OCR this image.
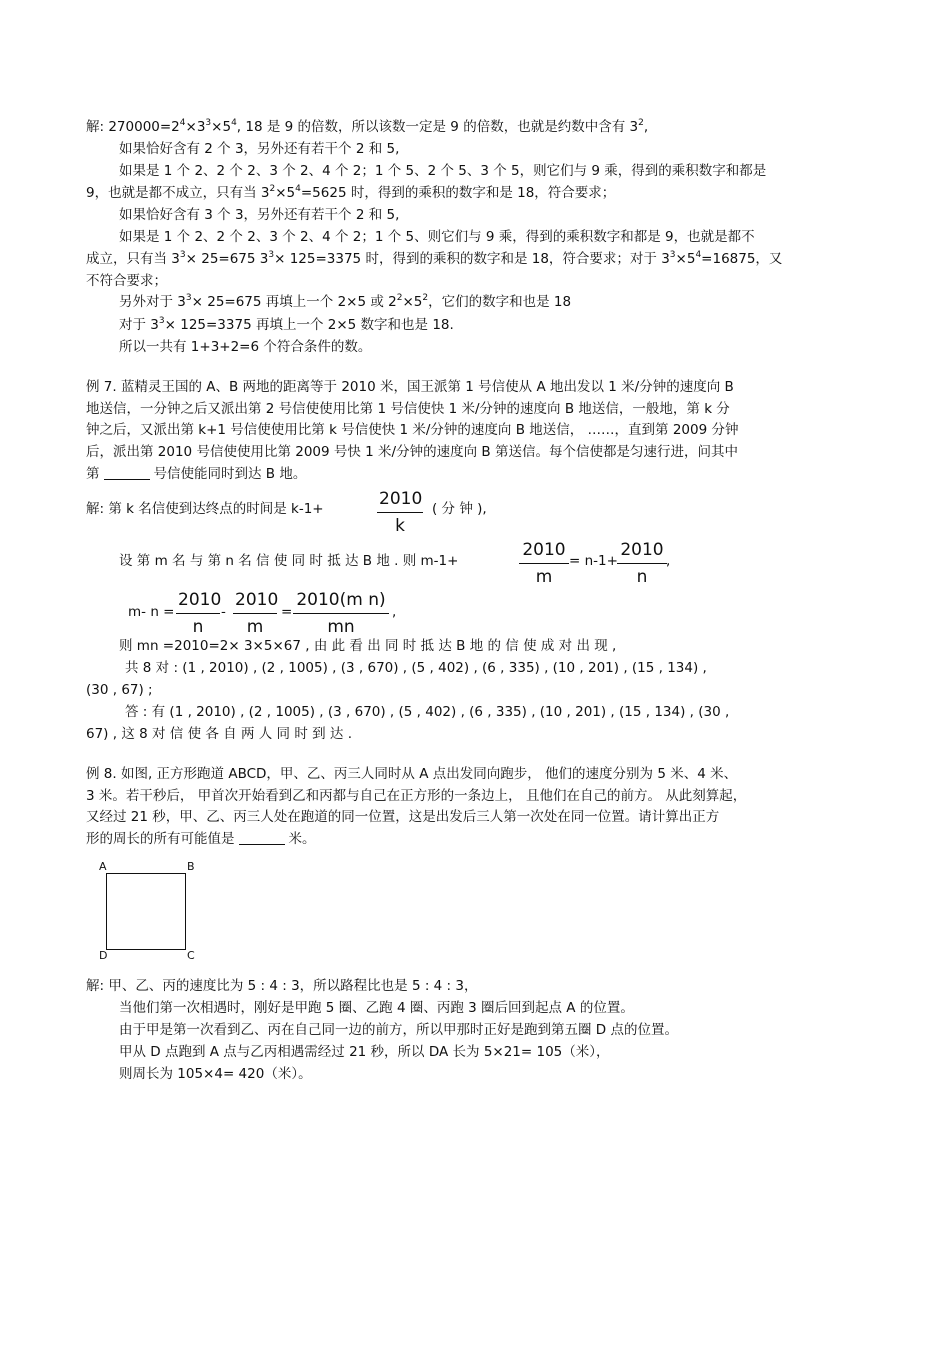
解: $270000=2^4\times 3^3\times 5^4$, 18 是 9 的倍数，所以该数一定是 9 的倍数，也就是约数中含有 $3^2$,
如果恰好含有 2 个 3，另外还有若干个 2 和 5,
如果是 1 个 2、2 个 2、3 个 2、4 个 2；1 个 5、2 个 5、3 个 5，则它们与 9 乘，得到的乘积数字和都是
9，也就是都不成立，只有当 $3^2\times 5^4=5625$ 时，得到的乘积的数字和是 18，符合要求；
如果恰好含有 3 个 3，另外还有若干个 2 和 5,
如果是 1 个 2、2 个 2、3 个 2、4 个 2；1 个 5、则它们与 9 乘，得到的乘积数字和都是 9，也就是都不
成立，只有当 $3^3\times 25=675$ $3^3\times 125=3375$ 时，得到的乘积的数字和是 18，符合要求；对于 $3^3\times 5^4=16875$，又
不符合要求；
另外对于 $3^3\times 25=675$ 再填上一个 2×5 或 $2^2\times 5^2$，它们的数字和也是 18
对于 $3^3\times 125=3375$ 再填上一个 2×5 数字和也是 18.
所以一共有 1+3+2=6 个符合条件的数。
例 7. 蓝精灵王国的 A、B 两地的距离等于 2010 米，国王派第 1 号信使从 A 地出发以 1 米/分钟的速度向 B
地送信，一分钟之后又派出第 2 号信使使用比第 1 号信使快 1 米/分钟的速度向 B 地送信，一般地，第 k 分
钟之后，又派出第 k+1 号信使使用比第 k 号信使快 1 米/分钟的速度向 B 地送信， ……，直到第 2009 分钟
后，派出第 2010 号信使使用比第 2009 号快 1 米/分钟的速度向 B 第送信。每个信使都是匀速行进，问其中
第	号信使能同时到达 B 地。
解: 第 k 名信使到达终点的时间是 k-1+	$\frac{2010}{k}$ ( 分 钟 ),
设 第 m 名 与 第 n 名 信 使 同 时 抵 达 B 地 . 则 m-1+	$\frac{2010}{m} = n-1+ \frac{2010}{n}$ ,
m- $n = \frac{2010}{n} - \frac{2010}{m} = \frac{\text{2010(m n)}}{mn}$ ,
则 mn =2010=2× 3×5×67 , 由 此 看 出 同 时 抵 达 B 地 的 信 使 成 对 出 现 ,
共 8 对 : (1 , 2010) , (2 , 1005) , (3 , 670) , (5 , 402) , (6 , 335) , (10 , 201) , (15 , 134) ,
(30 , 67) ;
答 : 有 (1 , 2010) , (2 , 1005) , (3 , 670) , (5 , 402) , (6 , 335) , (10 , 201) , (15 , 134) , (30 ,
67) , 这 8 对 信 使 各 自 两 人 同 时 到 达 .
例 8. 如图, 正方形跑道 ABCD，甲、乙、丙三人同时从 A 点出发同向跑步， 他们的速度分别为 5 米、4 米、
3 米。若干秒后， 甲首次开始看到乙和丙都与自己在正方形的一条边上， 且他们在自己的前方。 从此刻算起，
又经过 21 秒，甲、乙、丙三人处在跑道的同一位置，这是出发后三人第一次处在同一位置。请计算出正方
形的周长的所有可能值是	米。
A	B
C
D
解: 甲、乙、丙的速度比为 5 : 4 : 3，所以路程比也是 5 : 4 : 3，
当他们第一次相遇时，刚好是甲跑 5 圈、乙跑 4 圈、丙跑 3 圈后回到起点 A 的位置。
由于甲是第一次看到乙、丙在自己同一边的前方，所以甲那时正好是跑到第五圈 D 点的位置。
甲从 D 点跑到 A 点与乙丙相遇需经过 21 秒，所以 DA 长为 5×21= 105（米），
则周长为 105×4= 420（米）。
